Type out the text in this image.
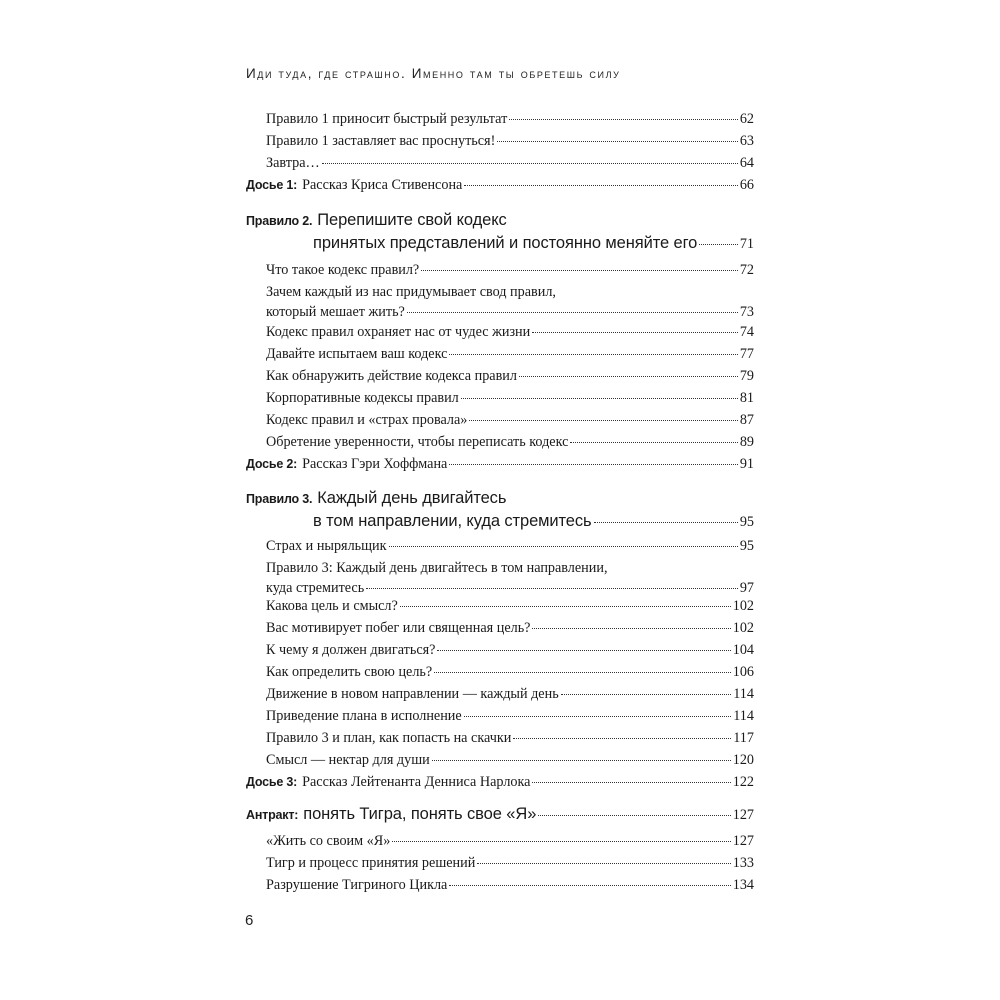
Иди туда, где страшно. Именно там ты обретешь силу
Правило 1 приносит быстрый результат	62
Правило 1 заставляет вас проснуться!	63
Завтра…	64
Досье 1: Рассказ Криса Стивенсона	66
Правило 2. Перепишите свой кодекс
принятых представлений и постоянно меняйте его	71
Что такое кодекс правил?	72
Зачем каждый из нас придумывает свод правил,
который мешает жить?	73
Кодекс правил охраняет нас от чудес жизни	74
Давайте испытаем ваш кодекс	77
Как обнаружить действие кодекса правил	79
Корпоративные кодексы правил	81
Кодекс правил и «страх провала»	87
Обретение уверенности, чтобы переписать кодекс	89
Досье 2: Рассказ Гэри Хоффмана	91
Правило 3. Каждый день двигайтесь
в том направлении, куда стремитесь	95
Страх и ныряльщик	95
Правило 3: Каждый день двигайтесь в том направлении,
куда стремитесь	97
Какова цель и смысл?	102
Вас мотивирует побег или священная цель?	102
К чему я должен двигаться?	104
Как определить свою цель?	106
Движение в новом направлении — каждый день	114
Приведение плана в исполнение	114
Правило 3 и план, как попасть на скачки	117
Смысл — нектар для души	120
Досье 3: Рассказ Лейтенанта Денниса Нарлока	122
Антракт: понять Тигра, понять свое «Я»	127
«Жить со своим «Я»	127
Тигр и процесс принятия решений	133
Разрушение Тигриного Цикла	134
6
